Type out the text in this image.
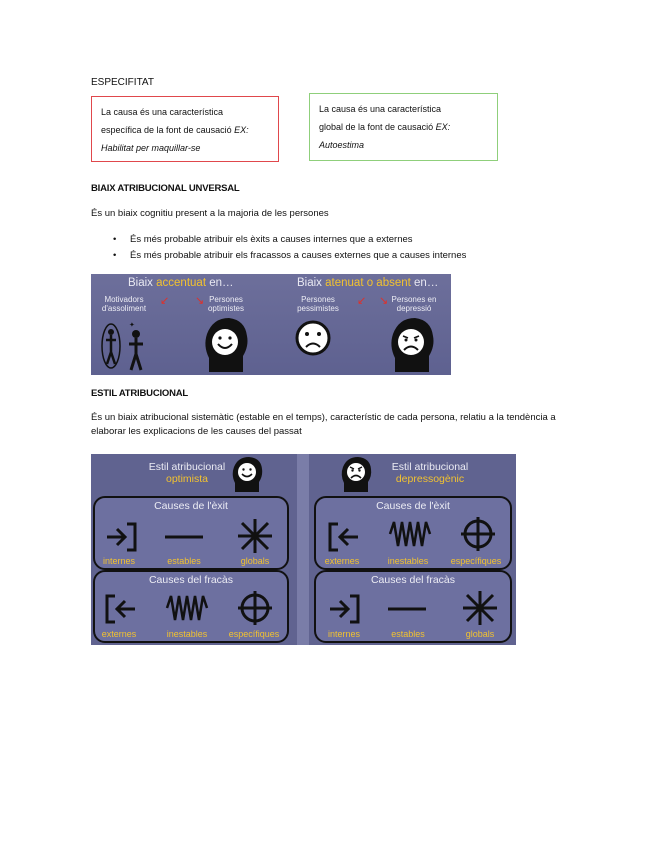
ESPECIFITAT
La causa és una característica
específica de la font de causació EX:
Habilitat per maquillar-se
La causa és una característica
global de la font de causació EX:
Autoestima
BIAIX ATRIBUCIONAL UNVERSAL
És un biaix cognitiu present a la majoria de les persones
• És més probable atribuir els èxits a causes internes que a externes
• És més probable atribuir els fracassos a causes externes que a causes internes
Biaix accentuat en…	Biaix atenuat o absent en…
Motivadors d'assoliment
Persones optimistes
Persones pessimistes
Persones en depressió
↙ ↘	↙ ↘
✦
ESTIL ATRIBUCIONAL
És un biaix atribucional sistemàtic (estable en el temps), característic de cada persona, relatiu a la tendència a elaborar les explicacions de les causes del passat
Estil atribucional
optimista
Causes de l'èxit
internes	estables	globals
Causes del fracàs
externes	inestables	específiques
Estil atribucional
depressogènic
Causes de l'èxit
externes	inestables	específiques
Causes del fracàs
internes	estables	globals
